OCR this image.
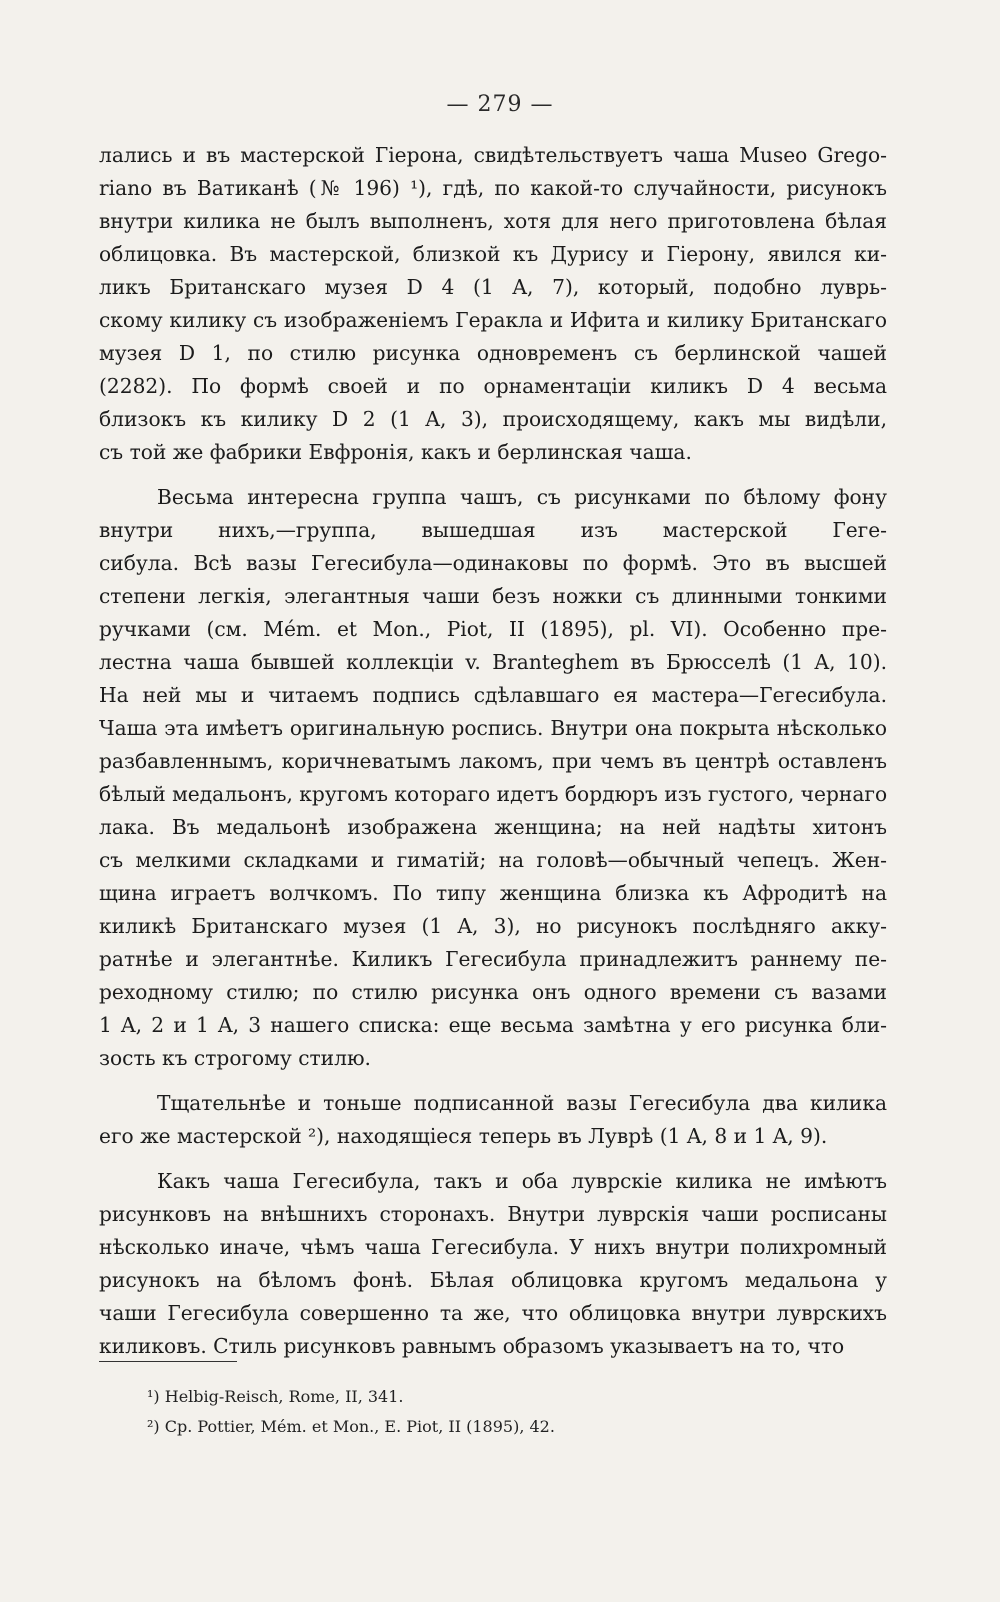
— 279 —
лались и въ мастерской Гіерона, свидѣтельствуетъ чаша Museo Grego-
riano въ Ватиканѣ (№ 196) ¹), гдѣ, по какой-то случайности, рисунокъ
внутри килика не былъ выполненъ, хотя для него приготовлена бѣлая
облицовка. Въ мастерской, близкой къ Дурису и Гіерону, явился ки-
ликъ Британскаго музея D 4 (1 A, 7), который, подобно луврь-
скому килику съ изображеніемъ Геракла и Ифита и килику Британскаго
музея D 1, по стилю рисунка одновременъ съ берлинской чашей
(2282). По формѣ своей и по орнаментаціи киликъ D 4 весьма
близокъ къ килику D 2 (1 A, 3), происходящему, какъ мы видѣли,
съ той же фабрики Евфронія, какъ и берлинская чаша.
Весьма интересна группа чашъ, съ рисунками по бѣлому фону
внутри нихъ,—группа, вышедшая изъ мастерской Геге-
сибула. Всѣ вазы Гегесибула—одинаковы по формѣ. Это въ высшей
степени легкія, элегантныя чаши безъ ножки съ длинными тонкими
ручками (см. Mém. et Mon., Piot, II (1895), pl. VI). Особенно пре-
лестна чаша бывшей коллекціи v. Branteghem въ Брюсселѣ (1 A, 10).
На ней мы и читаемъ подпись сдѣлавшаго ея мастера—Гегесибула.
Чаша эта имѣетъ оригинальную роспись. Внутри она покрыта нѣсколько
разбавленнымъ, коричневатымъ лакомъ, при чемъ въ центрѣ оставленъ
бѣлый медальонъ, кругомъ котораго идетъ бордюръ изъ густого, чернаго
лака. Въ медальонѣ изображена женщина; на ней надѣты хитонъ
съ мелкими складками и гиматій; на головѣ—обычный чепецъ. Жен-
щина играетъ волчкомъ. По типу женщина близка къ Афродитѣ на
киликѣ Британскаго музея (1 A, 3), но рисунокъ послѣдняго акку-
ратнѣе и элегантнѣе. Киликъ Гегесибула принадлежитъ раннему пе-
реходному стилю; по стилю рисунка онъ одного времени съ вазами
1 A, 2 и 1 A, 3 нашего списка: еще весьма замѣтна у его рисунка бли-
зость къ строгому стилю.
Тщательнѣе и тоньше подписанной вазы Гегесибула два килика
его же мастерской ²), находящіеся теперь въ Луврѣ (1 A, 8 и 1 A, 9).
Какъ чаша Гегесибула, такъ и оба луврскіе килика не имѣютъ
рисунковъ на внѣшнихъ сторонахъ. Внутри луврскія чаши росписаны
нѣсколько иначе, чѣмъ чаша Гегесибула. У нихъ внутри полихромный
рисунокъ на бѣломъ фонѣ. Бѣлая облицовка кругомъ медальона у
чаши Гегесибула совершенно та же, что облицовка внутри луврскихъ
киликовъ. Стиль рисунковъ равнымъ образомъ указываетъ на то, что
¹) Helbig-Reisch, Rome, II, 341.
²) Cp. Pottier, Mém. et Mon., E. Piot, II (1895), 42.
